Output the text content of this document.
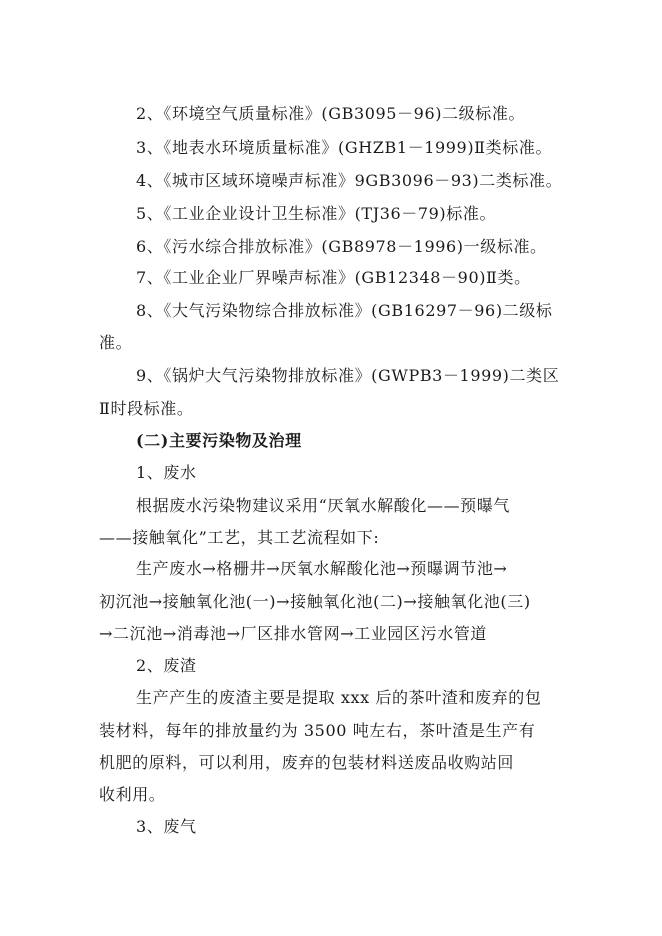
2、《环境空气质量标准》(GB3095－96)二级标准。
3、《地表水环境质量标准》(GHZB1－1999)Ⅱ类标准。
4、《城市区域环境噪声标准》9GB3096－93)二类标准。
5、《工业企业设计卫生标准》(TJ36－79)标准。
6、《污水综合排放标准》(GB8978－1996)一级标准。
7、《工业企业厂界噪声标准》(GB12348－90)Ⅱ类。
8、《大气污染物综合排放标准》(GB16297－96)二级标
准。
9、《锅炉大气污染物排放标准》(GWPB3－1999)二类区
Ⅱ时段标准。
(二)主要污染物及治理
1、废水
根据废水污染物建议采用“厌氧水解酸化——预曝气
——接触氧化”工艺，其工艺流程如下:
生产废水→格栅井→厌氧水解酸化池→预曝调节池→
初沉池→接触氧化池(一)→接触氧化池(二)→接触氧化池(三)
→二沉池→消毒池→厂区排水管网→工业园区污水管道
2、废渣
生产产生的废渣主要是提取 xxx 后的茶叶渣和废弃的包
装材料，每年的排放量约为 3500 吨左右，茶叶渣是生产有
机肥的原料，可以利用，废弃的包装材料送废品收购站回
收利用。
3、废气
